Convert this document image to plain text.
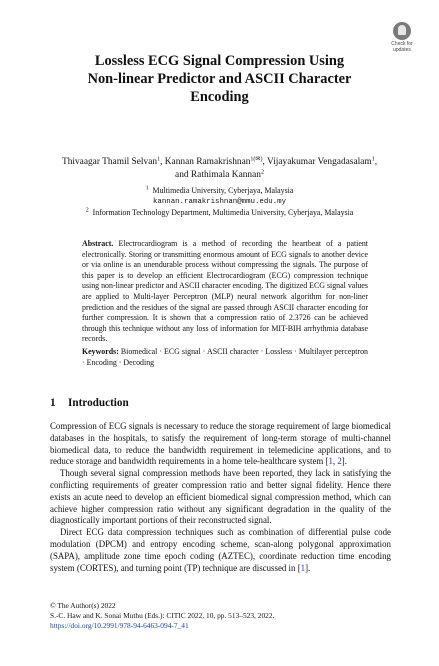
Check for
updates
Lossless ECG Signal Compression Using
Non-linear Predictor and ASCII Character
Encoding
Thivaagar Thamil Selvan$^1$, Kannan Ramakrishnan$^{1(✉)}$, Vijayakumar Vengadasalam$^1$,
and Rathimala Kannan$^2$
$^1$ Multimedia University, Cyberjaya, Malaysia
kannan.ramakrishnan@mmu.edu.my
$^2$ Information Technology Department, Multimedia University, Cyberjaya, Malaysia
Abstract. Electrocardiogram is a method of recording the heartbeat of a patient electronically. Storing or transmitting enormous amount of ECG signals to another device or via online is an unendurable process without compressing the signals. The purpose of this paper is to develop an efficient Electrocardiogram (ECG) compression technique using non-linear predictor and ASCII character encoding. The digitized ECG signal values are applied to Multi-layer Perceptron (MLP) neural network algorithm for non-liner prediction and the residues of the signal are passed through ASCII character encoding for further compression. It is shown that a compression ratio of 2.3726 can be achieved through this technique without any loss of information for MIT-BIH arrhythmia database records.
Keywords: Biomedical · ECG signal · ASCII character · Lossless · Multilayer perceptron · Encoding · Decoding
1 Introduction

Compression of ECG signals is necessary to reduce the storage requirement of large biomedical databases in the hospitals, to satisfy the requirement of long-term storage of multi-channel biomedical data, to reduce the bandwidth requirement in telemedicine applications, and to reduce storage and bandwidth requirements in a home tele-healthcare system [1, 2].

Though several signal compression methods have been reported, they lack in satisfying the conflicting requirements of greater compression ratio and better signal fidelity. Hence there exists an acute need to develop an efficient biomedical signal compression method, which can achieve higher compression ratio without any significant degradation in the quality of the diagnostically important portions of their reconstructed signal.

Direct ECG data compression techniques such as combination of differential pulse code modulation (DPCM) and entropy encoding scheme, scan-along polygonal approximation (SAPA), amplitude zone time epoch coding (AZTEC), coordinate reduction time encoding system (CORTES), and turning point (TP) technique are discussed in [1].

© The Author(s) 2022
S.-C. Haw and K. Sonai Muthu (Eds.): CITIC 2022, 10, pp. 513–523, 2022.
https://doi.org/10.2991/978-94-6463-094-7_41
